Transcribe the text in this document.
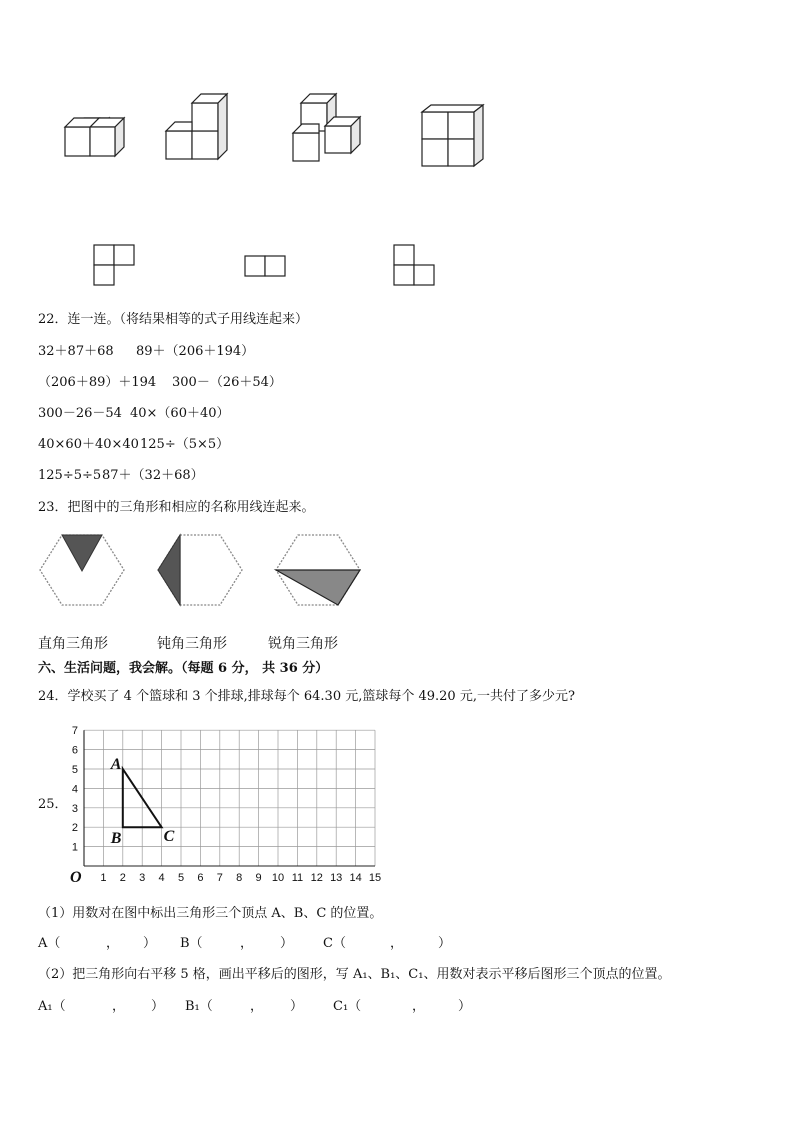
22．连一连。（将结果相等的式子用线连起来）
32＋87＋68 89＋（206＋194）
（206＋89）＋194 300－（26＋54）
300－26－54 40×（60＋40）
40×60＋40×40 125÷（5×5）
125÷5÷5 87＋（32＋68）
23．把图中的三角形和相应的名称用线连起来。
直角三角形	钝角三角形	锐角三角形
六、生活问题，我会解。（每题 6 分， 共 36 分）
24．学校买了 4 个篮球和 3 个排球,排球每个 64.30 元,篮球每个 49.20 元,一共付了多少元?
25．
1 2 3 4 5 6 7 8 9 10 11 12 13 14 15
1
2
3
4
5
6
7
O
A
B	C
（1）用数对在图中标出三角形三个顶点 A、B、C 的位置。
A（	， ） B（	， ） C（	，	）
（2）把三角形向右平移 5 格，画出平移后的图形，写 A₁、B₁、C₁、用数对表示平移后图形三个顶点的位置。
A₁（	， ） B₁（	， ） C₁（	，	）
